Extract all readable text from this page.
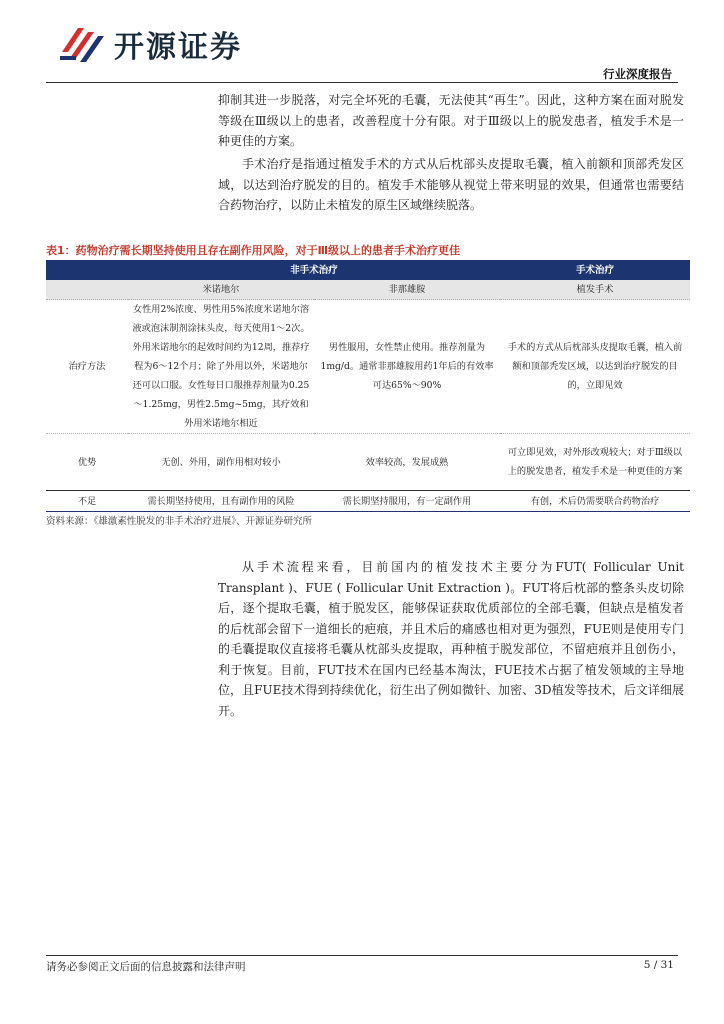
开源证券
行业深度报告

抑制其进一步脱落，对完全坏死的毛囊，无法使其“再生”。因此，这种方案在面对脱发等级在Ⅲ级以上的患者，改善程度十分有限。对于Ⅲ级以上的脱发患者，植发手术是一种更佳的方案。

手术治疗是指通过植发手术的方式从后枕部头皮提取毛囊，植入前额和顶部秃发区域，以达到治疗脱发的目的。植发手术能够从视觉上带来明显的效果，但通常也需要结合药物治疗，以防止未植发的原生区域继续脱落。

表1：药物治疗需长期坚持使用且存在副作用风险，对于Ⅲ级以上的患者手术治疗更佳
	非手术治疗		手术治疗
	米诺地尔	非那雄胺	植发手术
治疗方法	女性用2%浓度、男性用5%浓度米诺地尔溶液或泡沫制剂涂抹头皮，每天使用1～2次。外用米诺地尔的起效时间约为12周，推荐疗程为6～12个月；除了外用以外，米诺地尔还可以口服。女性每日口服推荐剂量为0.25～1.25mg，男性2.5mg~5mg，其疗效和外用米诺地尔相近	男性服用，女性禁止使用。推荐剂量为1mg/d。通常非那雄胺用药1年后的有效率可达65%～90%	手术的方式从后枕部头皮提取毛囊，植入前额和顶部秃发区域，以达到治疗脱发的目的，立即见效
优势	无创、外用，副作用相对较小	效率较高，发展成熟	可立即见效，对外形改观较大；对于Ⅲ级以上的脱发患者，植发手术是一种更佳的方案
不足	需长期坚持使用，且有副作用的风险	需长期坚持服用，有一定副作用	有创，术后仍需要联合药物治疗
资料来源：《雄激素性脱发的非手术治疗进展》、开源证券研究所

从手术流程来看，目前国内的植发技术主要分为FUT( Follicular Unit Transplant )、FUE ( Follicular Unit Extraction )。FUT将后枕部的整条头皮切除后，逐个提取毛囊，植于脱发区，能够保证获取优质部位的全部毛囊，但缺点是植发者的后枕部会留下一道细长的疤痕，并且术后的痛感也相对更为强烈，FUE则是使用专门的毛囊提取仪直接将毛囊从枕部头皮提取，再种植于脱发部位，不留疤痕并且创伤小，利于恢复。目前，FUT技术在国内已经基本淘汰，FUE技术占据了植发领域的主导地位，且FUE技术得到持续优化，衍生出了例如微针、加密、3D植发等技术，后文详细展开。

请务必参阅正文后面的信息披露和法律声明	5 / 31
